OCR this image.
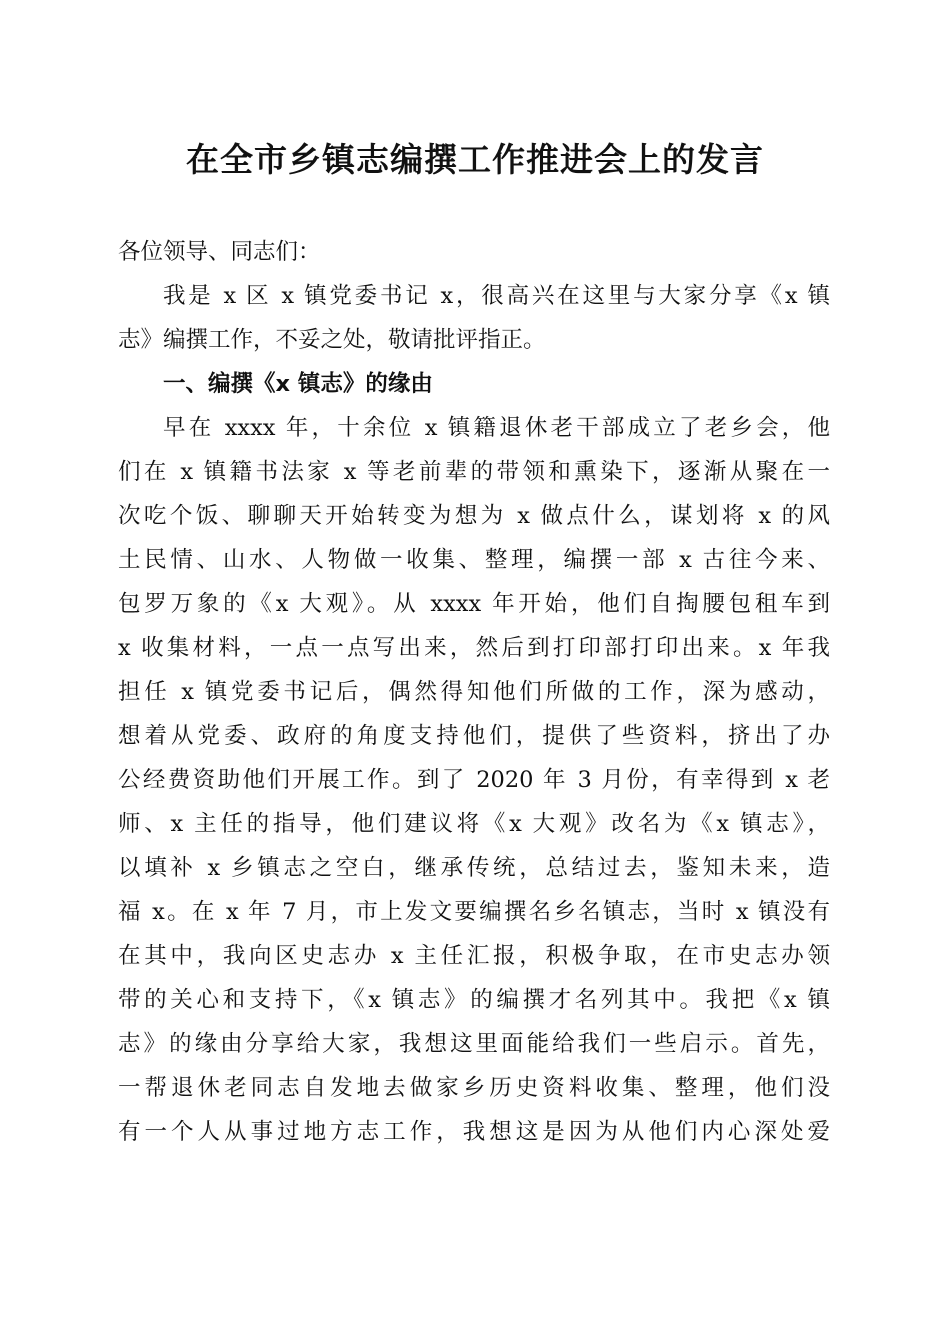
在全市乡镇志编撰工作推进会上的发言
各位领导、同志们：
我是 x 区 x 镇党委书记 x，很高兴在这里与大家分享《x 镇
志》编撰工作，不妥之处，敬请批评指正。
一、编撰《x 镇志》的缘由
早在 xxxx 年，十余位 x 镇籍退休老干部成立了老乡会，他
们在 x 镇籍书法家 x 等老前辈的带领和熏染下，逐渐从聚在一
次吃个饭、聊聊天开始转变为想为 x 做点什么，谋划将 x 的风
土民情、山水、人物做一收集、整理，编撰一部 x 古往今来、
包罗万象的《x 大观》。从 xxxx 年开始，他们自掏腰包租车到
x 收集材料，一点一点写出来，然后到打印部打印出来。x 年我
担任 x 镇党委书记后，偶然得知他们所做的工作，深为感动，
想着从党委、政府的角度支持他们，提供了些资料，挤出了办
公经费资助他们开展工作。到了 2020 年 3 月份，有幸得到 x 老
师、x 主任的指导，他们建议将《x 大观》改名为《x 镇志》，
以填补 x 乡镇志之空白，继承传统，总结过去，鉴知未来，造
福 x。在 x 年 7 月，市上发文要编撰名乡名镇志，当时 x 镇没有
在其中，我向区史志办 x 主任汇报，积极争取，在市史志办领
带的关心和支持下，《x 镇志》的编撰才名列其中。我把《x 镇
志》的缘由分享给大家，我想这里面能给我们一些启示。首先，
一帮退休老同志自发地去做家乡历史资料收集、整理，他们没
有一个人从事过地方志工作，我想这是因为从他们内心深处爱
